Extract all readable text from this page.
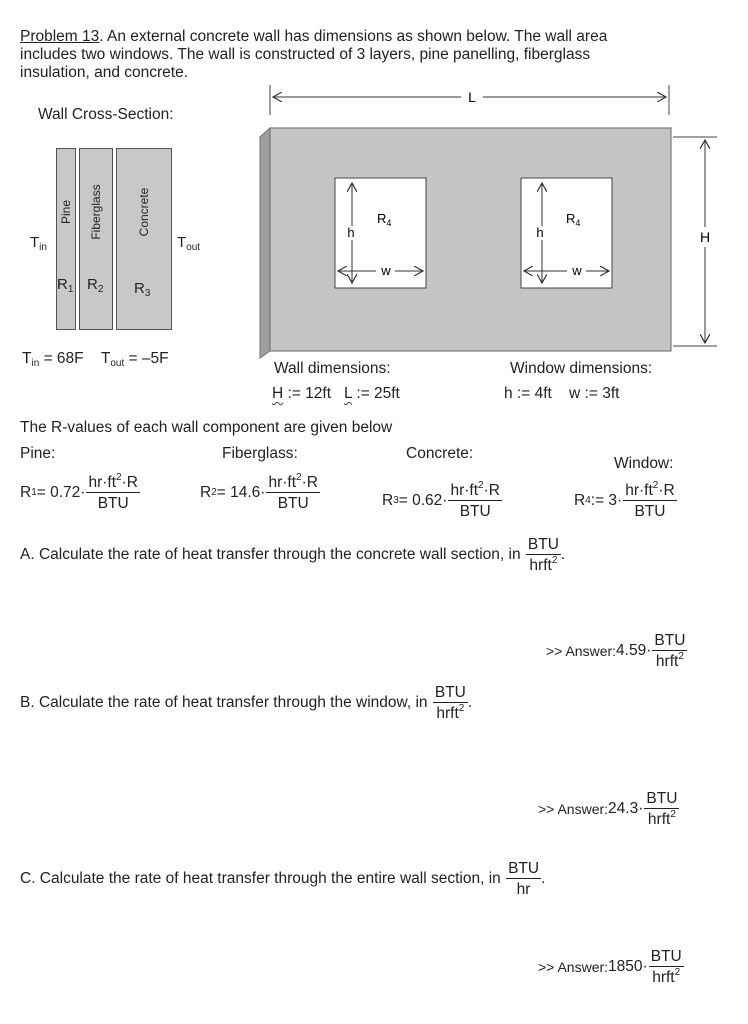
Problem 13. An external concrete wall has dimensions as shown below. The wall area
includes two windows. The wall is constructed of 3 layers, pine panelling, fiberglass
insulation, and concrete.
Wall Cross-Section:
Pine Fiberglass	Concrete
$R_1$ $R_2$ $R_3$
$T_{in}$	$T_{out}$
$T_{in} = 68F$ $T_{out} = -5F$
L
H
h
w
$R_4$
h
w
$R_4$
Wall dimensions:
H := 12ft L := 25ft
Window dimensions:
h := 4ft    w := 3ft
The R-values of each wall component are given below
Pine:	Fiberglass:	Concrete:
Window:
R $1 = 0.72\cdot \frac{hr\cdot ft^2\cdot R}{\text{BTU}}$	R $2 = 14.6\cdot \frac{hr\cdot ft^2\cdot R}{\text{BTU}}$	R $3 = 0.62\cdot \frac{hr\cdot ft^2\cdot R}{\text{BTU}}$	R 4 := $3\cdot \frac{hr\cdot ft^2\cdot R}{\text{BTU}}$
A. Calculate the rate of heat transfer through the concrete wall section, in
$\frac{\text{BTU}}{hrft^2}$ .
>> Answer: $4.59\cdot \frac{\text{BTU}}{hrft^2}$
B. Calculate the rate of heat transfer through the window, in
$\frac{\text{BTU}}{hrft^2}$ .
>> Answer: $24.3\cdot \frac{\text{BTU}}{hrft^2}$
C. Calculate the rate of heat transfer through the entire wall section, in
$\frac{\text{BTU}}{hr}$ .
>> Answer: $1850\cdot \frac{\text{BTU}}{hrft^2}$
